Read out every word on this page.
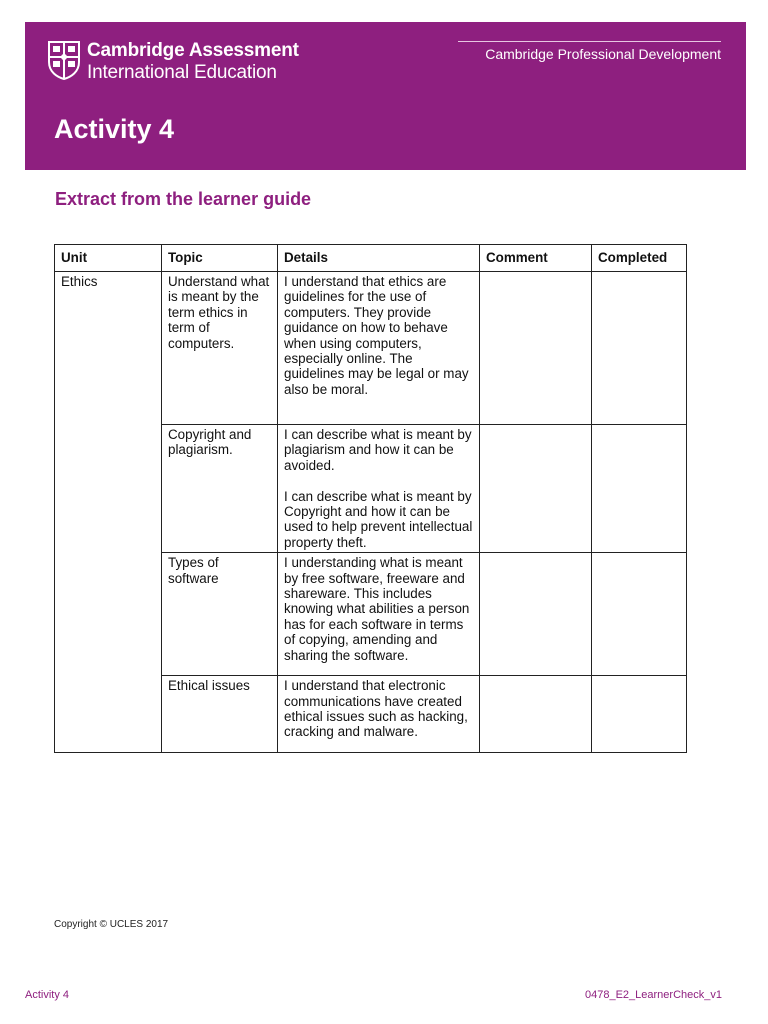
Cambridge Assessment
International Education
Cambridge Professional Development
Activity 4
Extract from the learner guide
Unit	Topic	Details	Comment	Completed
Ethics	Understand what is meant by the term ethics in term of computers.	I understand that ethics are guidelines for the use of computers. They provide guidance on how to behave when using computers, especially online. The guidelines may be legal or may also be moral.		
	Copyright and plagiarism.	I can describe what is meant by plagiarism and how it can be avoided.

I can describe what is meant by Copyright and how it can be used to help prevent intellectual property theft.		
	Types of software	I understanding what is meant by free software, freeware and shareware. This includes knowing what abilities a person has for each software in terms of copying, amending and sharing the software.		
	Ethical issues	I understand that electronic communications have created ethical issues such as hacking, cracking and malware.		
Copyright © UCLES 2017
Activity 4	0478_E2_LearnerCheck_v1
